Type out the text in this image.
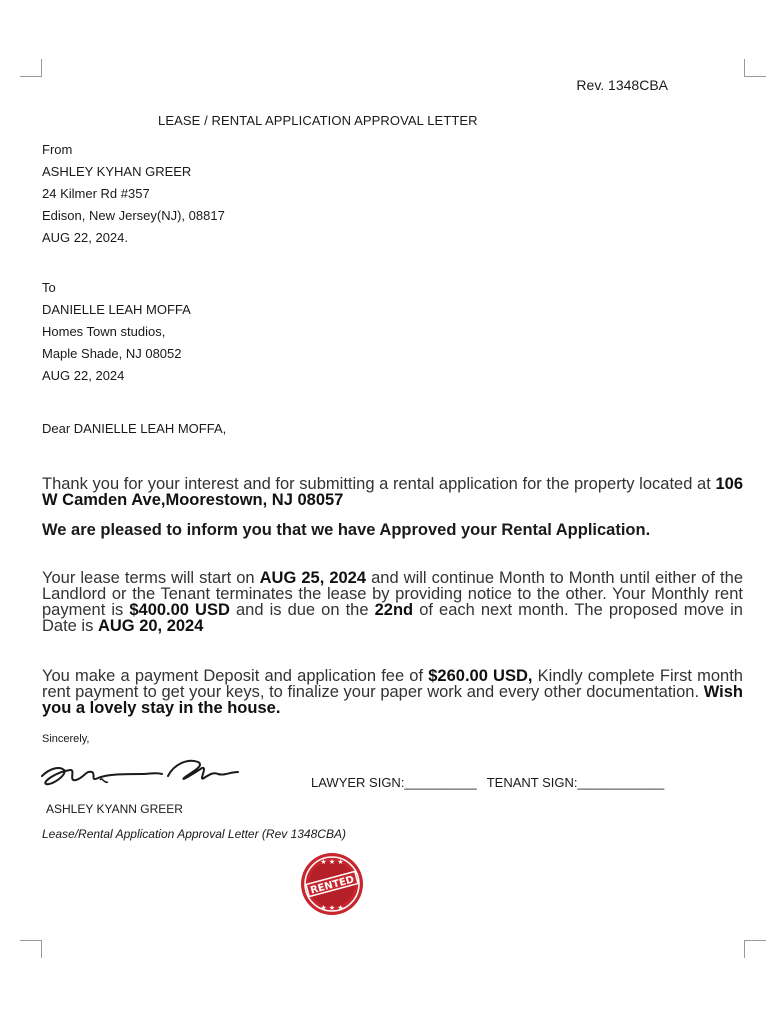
Rev. 1348CBA
LEASE / RENTAL APPLICATION APPROVAL LETTER
From
ASHLEY KYHAN GREER
24 Kilmer Rd #357
Edison, New Jersey(NJ), 08817
AUG 22, 2024.
To
DANIELLE LEAH MOFFA
Homes Town studios,
Maple Shade, NJ 08052
AUG 22, 2024
Dear DANIELLE LEAH MOFFA,
Thank you for your interest and for submitting a rental application for the property located at 106 W Camden Ave,Moorestown, NJ 08057
We are pleased to inform you that we have Approved your Rental Application.
Your lease terms will start on AUG 25, 2024 and will continue Month to Month until either of the Landlord or the Tenant terminates the lease by providing notice to the other. Your Monthly rent payment is $400.00 USD and is due on the 22nd of each next month. The proposed move in Date is AUG 20, 2024
You make a payment Deposit and application fee of $260.00 USD, Kindly complete First month rent payment to get your keys, to finalize your paper work and every other documentation. Wish you a lovely stay in the house.
Sincerely,
LAWYER SIGN:__________ TENANT SIGN:____________
ASHLEY KYANN GREER
Lease/Rental Application Approval Letter (Rev 1348CBA)
★ ★ ★
★ ★ ★
RENTED
